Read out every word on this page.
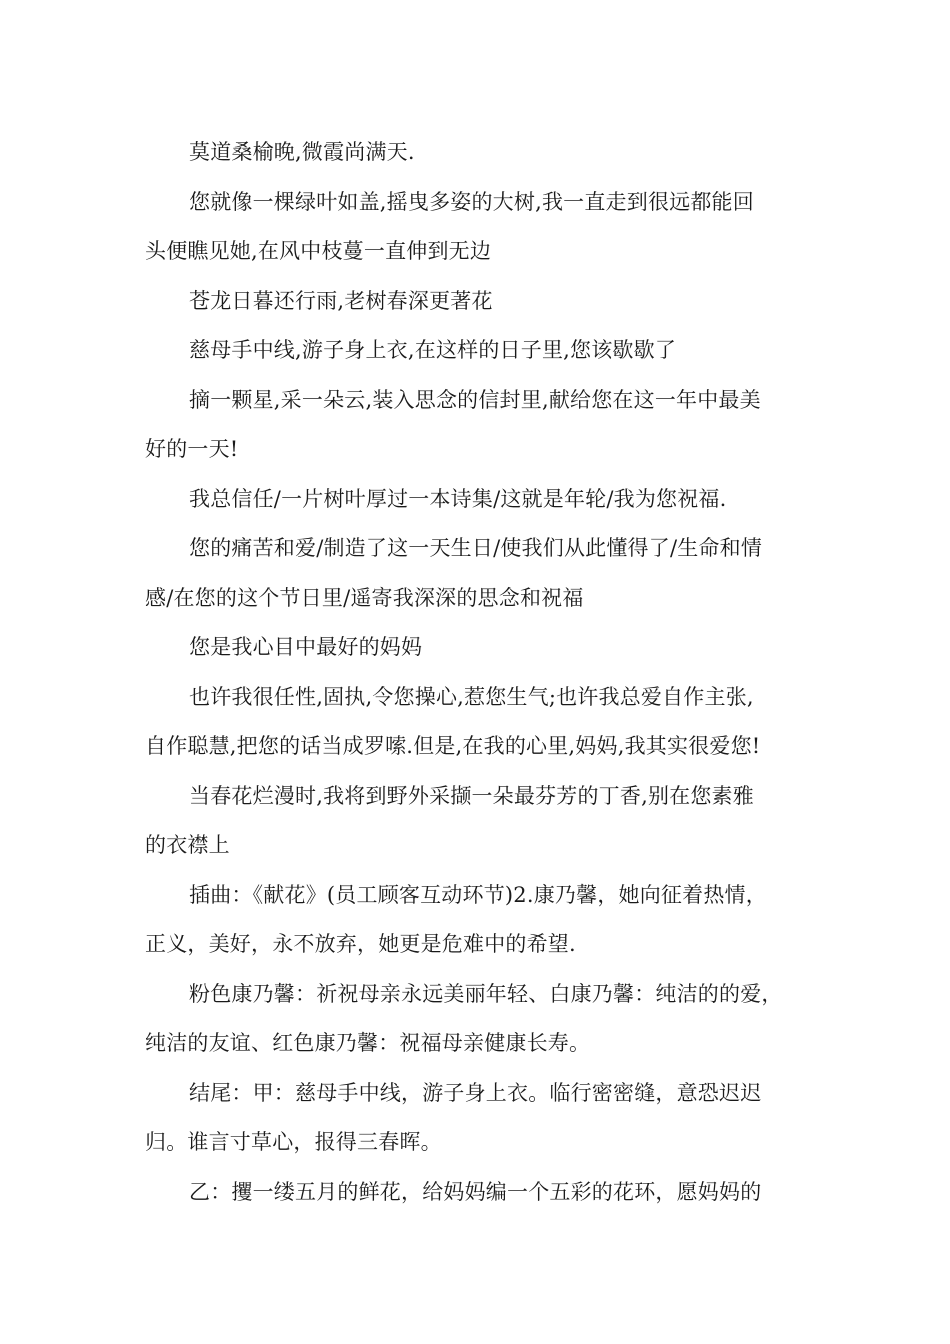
莫道桑榆晚,微霞尚满天.

您就像一棵绿叶如盖,摇曳多姿的大树,我一直走到很远都能回
头便瞧见她,在风中枝蔓一直伸到无边

苍龙日暮还行雨,老树春深更著花

慈母手中线,游子身上衣,在这样的日子里,您该歇歇了

摘一颗星,采一朵云,装入思念的信封里,献给您在这一年中最美
好的一天!

我总信任/一片树叶厚过一本诗集/这就是年轮/我为您祝福.

您的痛苦和爱/制造了这一天生日/使我们从此懂得了/生命和情
感/在您的这个节日里/遥寄我深深的思念和祝福

您是我心目中最好的妈妈

也许我很任性,固执,令您操心,惹您生气;也许我总爱自作主张,
自作聪慧,把您的话当成罗嗦.但是,在我的心里,妈妈,我其实很爱您!

当春花烂漫时,我将到野外采撷一朵最芬芳的丁香,别在您素雅
的衣襟上

插曲：《献花》(员工顾客互动环节)2.康乃馨，她向征着热情，
正义，美好，永不放弃，她更是危难中的希望.

粉色康乃馨：祈祝母亲永远美丽年轻、白康乃馨：纯洁的的爱，
纯洁的友谊、红色康乃馨：祝福母亲健康长寿。

结尾：甲：慈母手中线，游子身上衣。临行密密缝，意恐迟迟
归。谁言寸草心，报得三春晖。

乙：攫一缕五月的鲜花，给妈妈编一个五彩的花环，愿妈妈的
